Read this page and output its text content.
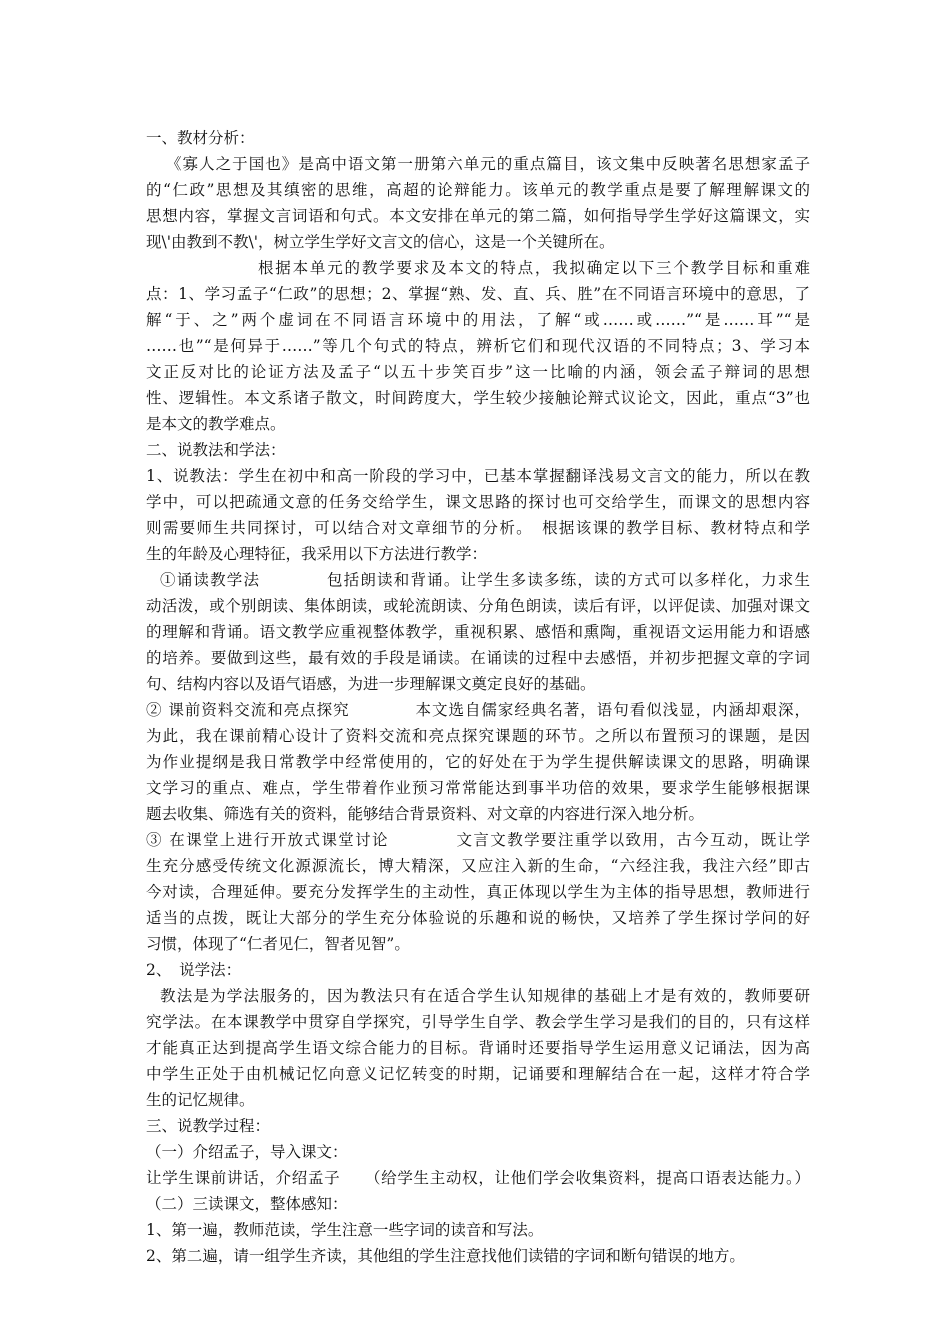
一、教材分析：
《寡人之于国也》是高中语文第一册第六单元的重点篇目，该文集中反映著名思想家孟子
的“仁政”思想及其缜密的思维，高超的论辩能力。该单元的教学重点是要了解理解课文的
思想内容，掌握文言词语和句式。本文安排在单元的第二篇，如何指导学生学好这篇课文，实
现\'由教到不教\'，树立学生学好文言文的信心，这是一个关键所在。
根据本单元的教学要求及本文的特点，我拟确定以下三个教学目标和重难
点：1、学习孟子“仁政”的思想；2、掌握“熟、发、直、兵、胜”在不同语言环境中的意思，了
解“于、之”两个虚词在不同语言环境中的用法，了解“或……或……”“是……耳”“是
……也”“是何异于……”等几个句式的特点，辨析它们和现代汉语的不同特点；3、学习本
文正反对比的论证方法及孟子“以五十步笑百步”这一比喻的内涵，领会孟子辩词的思想
性、逻辑性。本文系诸子散文，时间跨度大，学生较少接触论辩式议论文，因此，重点“3”也
是本文的教学难点。
二、说教法和学法：
1、说教法：学生在初中和高一阶段的学习中，已基本掌握翻译浅易文言文的能力，所以在教
学中，可以把疏通文意的任务交给学生，课文思路的探讨也可交给学生，而课文的思想内容
则需要师生共同探讨，可以结合对文章细节的分析。　根据该课的教学目标、教材特点和学
生的年龄及心理特征，我采用以下方法进行教学：
①诵读教学法　　　　包括朗读和背诵。让学生多读多练，读的方式可以多样化，力求生
动活泼，或个别朗读、集体朗读，或轮流朗读、分角色朗读，读后有评，以评促读、加强对课文
的理解和背诵。语文教学应重视整体教学，重视积累、感悟和熏陶，重视语文运用能力和语感
的培养。要做到这些，最有效的手段是诵读。在诵读的过程中去感悟，并初步把握文章的字词
句、结构内容以及语气语感，为进一步理解课文奠定良好的基础。
② 课前资料交流和亮点探究　　　　本文选自儒家经典名著，语句看似浅显，内涵却艰深，
为此，我在课前精心设计了资料交流和亮点探究课题的环节。之所以布置预习的课题，是因
为作业提纲是我日常教学中经常使用的，它的好处在于为学生提供解读课文的思路，明确课
文学习的重点、难点，学生带着作业预习常常能达到事半功倍的效果，要求学生能够根据课
题去收集、筛选有关的资料，能够结合背景资料、对文章的内容进行深入地分析。
③ 在课堂上进行开放式课堂讨论　　　　文言文教学要注重学以致用，古今互动，既让学
生充分感受传统文化源源流长，博大精深，又应注入新的生命，“六经注我，我注六经”即古
今对读，合理延伸。要充分发挥学生的主动性，真正体现以学生为主体的指导思想，教师进行
适当的点拨，既让大部分的学生充分体验说的乐趣和说的畅快，又培养了学生探讨学问的好
习惯，体现了“仁者见仁，智者见智”。
2、　说学法：
教法是为学法服务的，因为教法只有在适合学生认知规律的基础上才是有效的，教师要研
究学法。在本课教学中贯穿自学探究，引导学生自学、教会学生学习是我们的目的，只有这样
才能真正达到提高学生语文综合能力的目标。背诵时还要指导学生运用意义记诵法，因为高
中学生正处于由机械记忆向意义记忆转变的时期，记诵要和理解结合在一起，这样才符合学
生的记忆规律。
三、说教学过程：
（一）介绍孟子，导入课文：
让学生课前讲话，介绍孟子　　（给学生主动权，让他们学会收集资料，提高口语表达能力。）
（二）三读课文，整体感知：
1、第一遍，教师范读，学生注意一些字词的读音和写法。
2、第二遍，请一组学生齐读，其他组的学生注意找他们读错的字词和断句错误的地方。
